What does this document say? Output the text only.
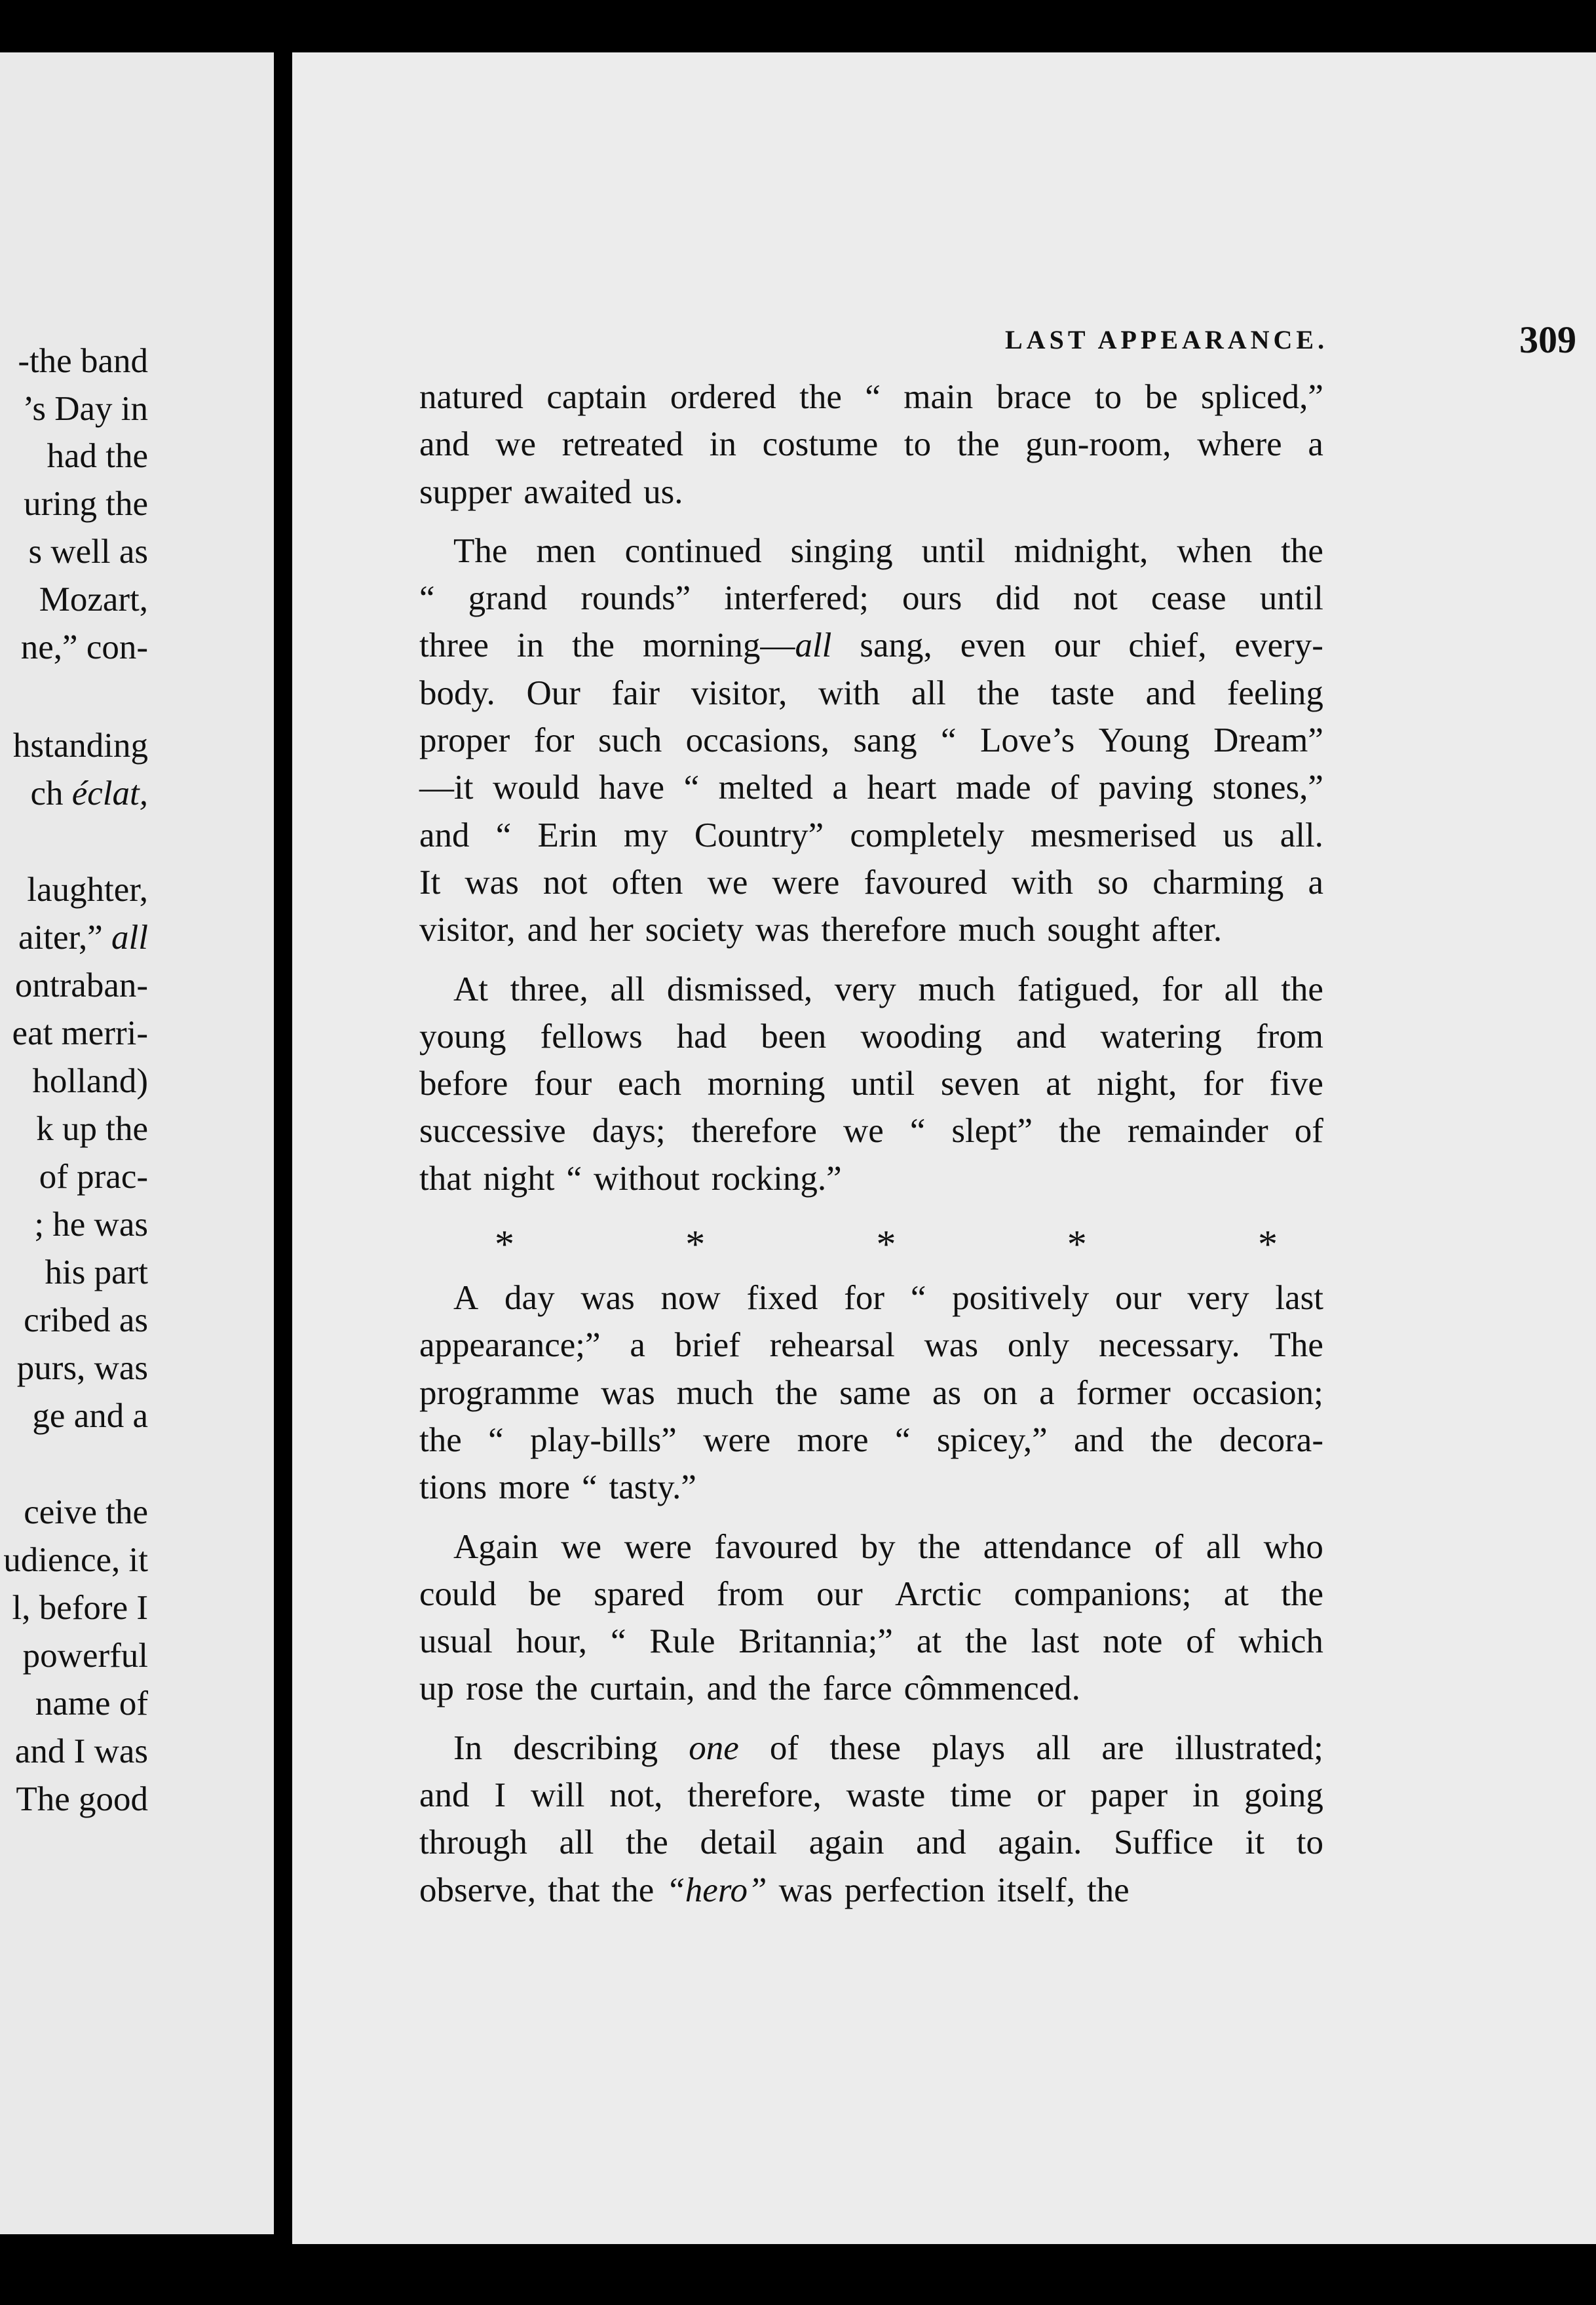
-the band
’s Day in
had the
uring the
s well as
Mozart,
ne,” con-
hstanding
ch éclat,
laughter,
aiter,” all
ontraban-
eat merri-
holland)
k up the
of prac-
; he was
his part
cribed as
purs, was
ge and a
ceive the
udience, it
l, before I
powerful
name of
and I was
The good
LAST APPEARANCE.	309
natured captain ordered the “ main brace to be spliced,”
and we retreated in costume to the gun-room, where a
supper awaited us.
The men continued singing until midnight, when the
“ grand rounds” interfered; ours did not cease until
three in the morning—all sang, even our chief, every-
body. Our fair visitor, with all the taste and feeling
proper for such occasions, sang “ Love’s Young Dream”
—it would have “ melted a heart made of paving stones,”
and “ Erin my Country” completely mesmerised us all.
It was not often we were favoured with so charming a
visitor, and her society was therefore much sought after.
At three, all dismissed, very much fatigued, for all the
young fellows had been wooding and watering from
before four each morning until seven at night, for five
successive days; therefore we “ slept” the remainder of
that night “ without rocking.”
*	*	*	*	*
A day was now fixed for “ positively our very last
appearance;” a brief rehearsal was only necessary. The
programme was much the same as on a former occasion;
the “ play-bills” were more “ spicey,” and the decora-
tions more “ tasty.”
Again we were favoured by the attendance of all who
could be spared from our Arctic companions; at the
usual hour, “ Rule Britannia;” at the last note of which
up rose the curtain, and the farce cômmenced.
In describing one of these plays all are illustrated;
and I will not, therefore, waste time or paper in going
through all the detail again and again. Suffice it to
observe, that the “hero” was perfection itself, the
